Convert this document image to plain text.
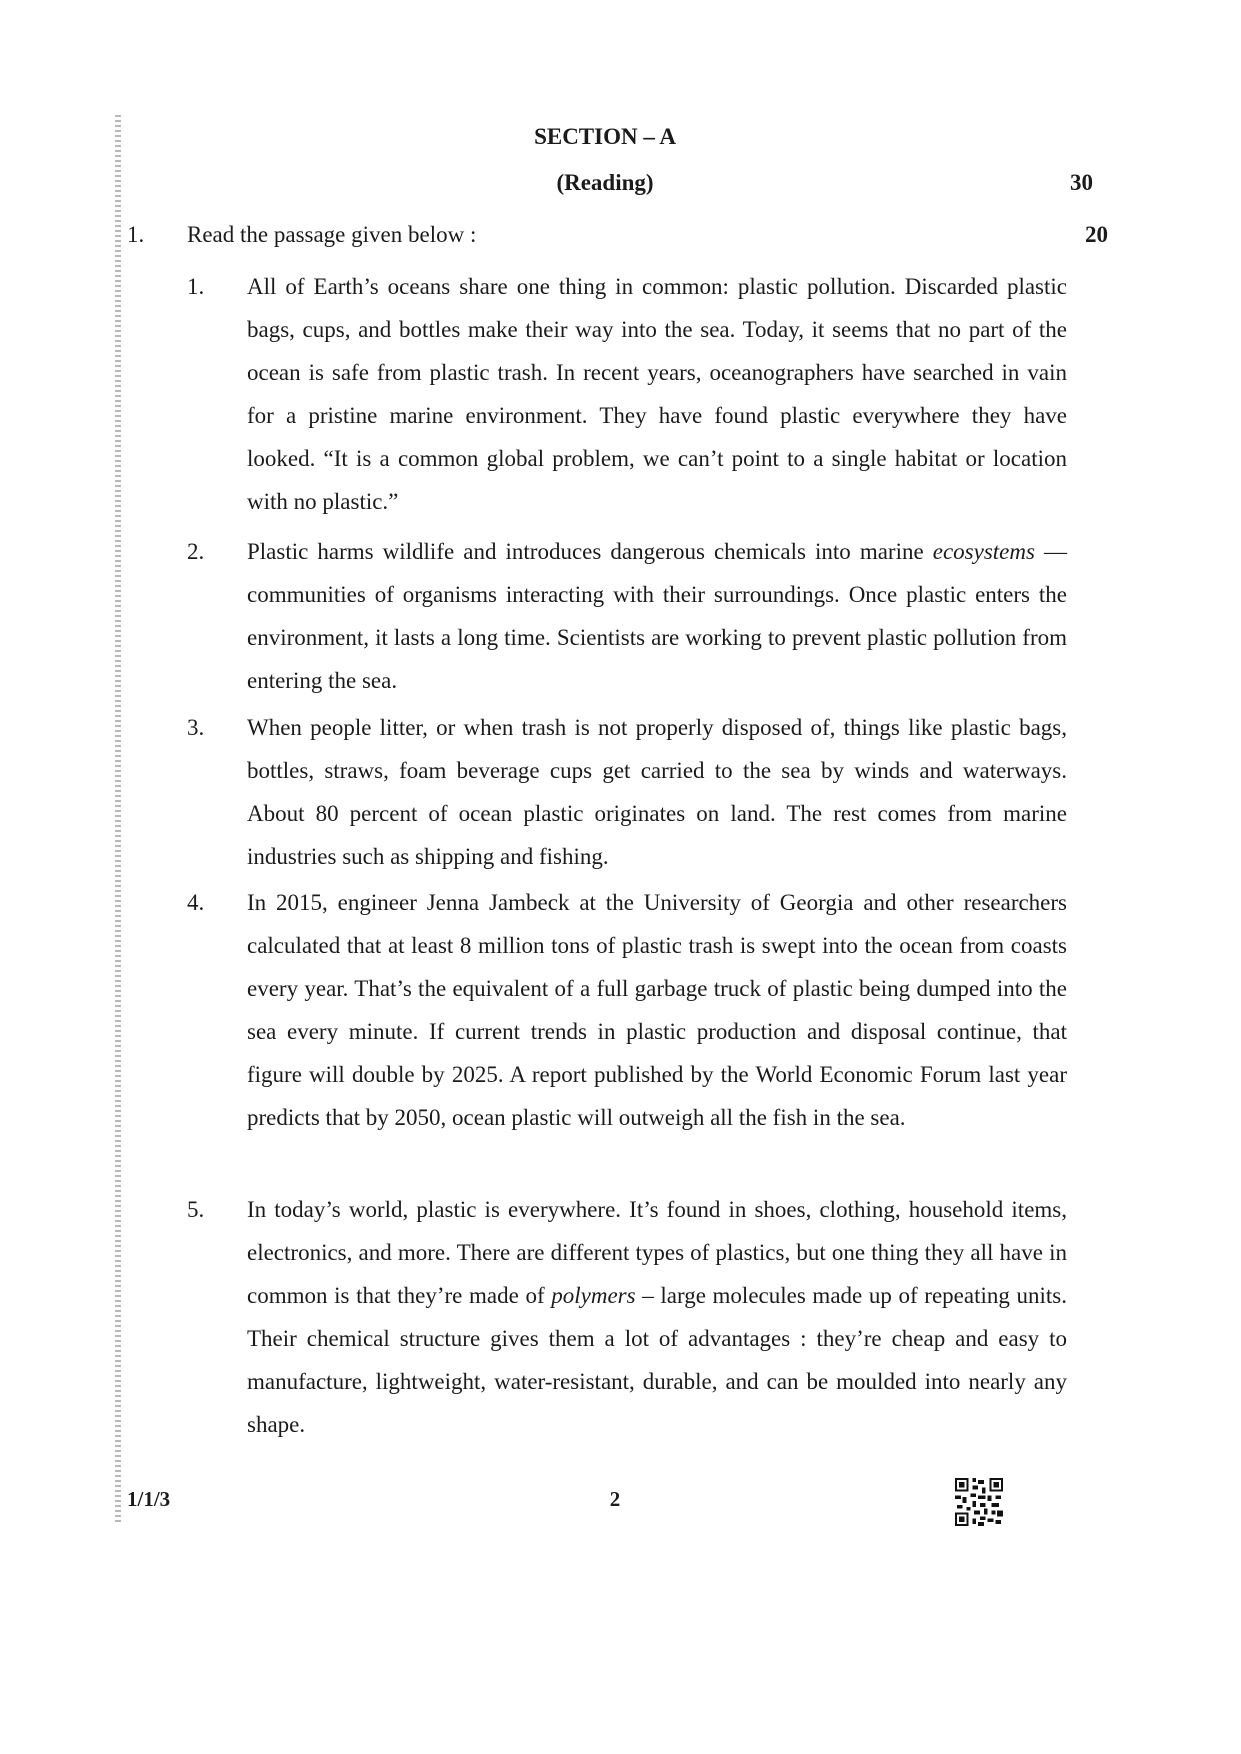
SECTION – A
(Reading)	30
1. Read the passage given below :	20
1. All of Earth’s oceans share one thing in common: plastic pollution. Discarded plastic bags, cups, and bottles make their way into the sea. Today, it seems that no part of the ocean is safe from plastic trash. In recent years, oceanographers have searched in vain for a pristine marine environment. They have found plastic everywhere they have looked. “It is a common global problem, we can’t point to a single habitat or location with no plastic.”
2. Plastic harms wildlife and introduces dangerous chemicals into marine ecosystems — communities of organisms interacting with their surroundings. Once plastic enters the environment, it lasts a long time. Scientists are working to prevent plastic pollution from entering the sea.
3. When people litter, or when trash is not properly disposed of, things like plastic bags, bottles, straws, foam beverage cups get carried to the sea by winds and waterways. About 80 percent of ocean plastic originates on land. The rest comes from marine industries such as shipping and fishing.
4. In 2015, engineer Jenna Jambeck at the University of Georgia and other researchers calculated that at least 8 million tons of plastic trash is swept into the ocean from coasts every year. That’s the equivalent of a full garbage truck of plastic being dumped into the sea every minute. If current trends in plastic production and disposal continue, that figure will double by 2025. A report published by the World Economic Forum last year predicts that by 2050, ocean plastic will outweigh all the fish in the sea.
5. In today’s world, plastic is everywhere. It’s found in shoes, clothing, household items, electronics, and more. There are different types of plastics, but one thing they all have in common is that they’re made of polymers – large molecules made up of repeating units. Their chemical structure gives them a lot of advantages : they’re cheap and easy to manufacture, lightweight, water-resistant, durable, and can be moulded into nearly any shape.
1/1/3	2
